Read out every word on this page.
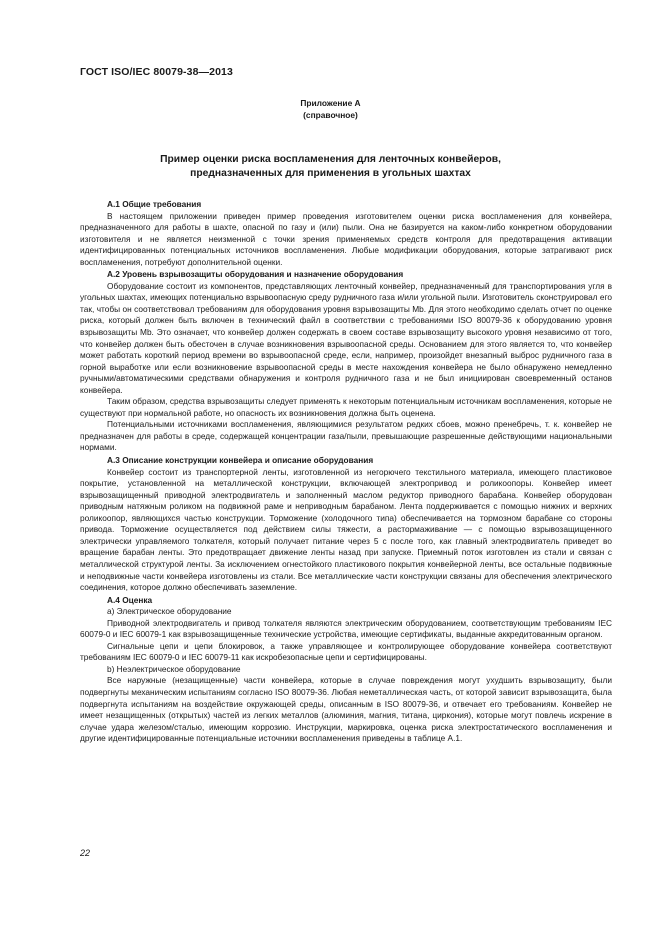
ГОСТ ISO/IEC 80079-38—2013
Приложение А
(справочное)
Пример оценки риска воспламенения для ленточных конвейеров,
предназначенных для применения в угольных шахтах

А.1 Общие требования

В настоящем приложении приведен пример проведения изготовителем оценки риска воспламенения для конвейера, предназначенного для работы в шахте, опасной по газу и (или) пыли. Она не базируется на каком-либо конкретном оборудовании изготовителя и не является неизменной с точки зрения применяемых средств контроля для предотвращения активации идентифицированных потенциальных источников воспламенения. Любые модификации оборудования, которые затрагивают риск воспламенения, потребуют дополнительной оценки.

А.2 Уровень взрывозащиты оборудования и назначение оборудования

Оборудование состоит из компонентов, представляющих ленточный конвейер, предназначенный для транспортирования угля в угольных шахтах, имеющих потенциально взрывоопасную среду рудничного газа и/или угольной пыли. Изготовитель сконструировал его так, чтобы он соответствовал требованиям для оборудования уровня взрывозащиты Mb. Для этого необходимо сделать отчет по оценке риска, который должен быть включен в технический файл в соответствии с требованиями ISO 80079-36 к оборудованию уровня взрывозащиты Mb. Это означает, что конвейер должен содержать в своем составе взрывозащиту высокого уровня независимо от того, что конвейер должен быть обесточен в случае возникновения взрывоопасной среды. Основанием для этого является то, что конвейер может работать короткий период времени во взрывоопасной среде, если, например, произойдет внезапный выброс рудничного газа в горной выработке или если возникновение взрывоопасной среды в месте нахождения конвейера не было обнаружено немедленно ручными/автоматическими средствами обнаружения и контроля рудничного газа и не был инициирован своевременный останов конвейера.

Таким образом, средства взрывозащиты следует применять к некоторым потенциальным источникам воспламенения, которые не существуют при нормальной работе, но опасность их возникновения должна быть оценена.

Потенциальными источниками воспламенения, являющимися результатом редких сбоев, можно пренебречь, т. к. конвейер не предназначен для работы в среде, содержащей концентрации газа/пыли, превышающие разрешенные действующими национальными нормами.

А.3 Описание конструкции конвейера и описание оборудования

Конвейер состоит из транспортерной ленты, изготовленной из негорючего текстильного материала, имеющего пластиковое покрытие, установленной на металлической конструкции, включающей электропривод и роликоопоры. Конвейер имеет взрывозащищенный приводной электродвигатель и заполненный маслом редуктор приводного барабана. Конвейер оборудован приводным натяжным роликом на подвижной раме и неприводным барабаном. Лента поддерживается с помощью нижних и верхних роликоопор, являющихся частью конструкции. Торможение (холодочного типа) обеспечивается на тормозном барабане со стороны привода. Торможение осуществляется под действием силы тяжести, а растормаживание — с помощью взрывозащищенного электрически управляемого толкателя, который получает питание через 5 с после того, как главный электродвигатель приведет во вращение барабан ленты. Это предотвращает движение ленты назад при запуске. Приемный поток изготовлен из стали и связан с металлической структурой ленты. За исключением огнестойкого пластикового покрытия конвейерной ленты, все остальные подвижные и неподвижные части конвейера изготовлены из стали. Все металлические части конструкции связаны для обеспечения электрического соединения, которое должно обеспечивать заземление.

А.4 Оценка

а) Электрическое оборудование

Приводной электродвигатель и привод толкателя являются электрическим оборудованием, соответствующим требованиям IEC 60079-0 и IEC 60079-1 как взрывозащищенные технические устройства, имеющие сертификаты, выданные аккредитованным органом.

Сигнальные цепи и цепи блокировок, а также управляющее и контролирующее оборудование конвейера соответствуют требованиям IEC 60079-0 и IEC 60079-11 как искробезопасные цепи и сертифицированы.

b) Неэлектрическое оборудование

Все наружные (незащищенные) части конвейера, которые в случае повреждения могут ухудшить взрывозащиту, были подвергнуты механическим испытаниям согласно ISO 80079-36. Любая неметаллическая часть, от которой зависит взрывозащита, была подвергнута испытаниям на воздействие окружающей среды, описанным в ISO 80079-36, и отвечает его требованиям. Конвейер не имеет незащищенных (открытых) частей из легких металлов (алюминия, магния, титана, циркония), которые могут повлечь искрение в случае удара железом/сталью, имеющим коррозию. Инструкции, маркировка, оценка риска электростатического воспламенения и другие идентифицированные потенциальные источники воспламенения приведены в таблице А.1.

22
